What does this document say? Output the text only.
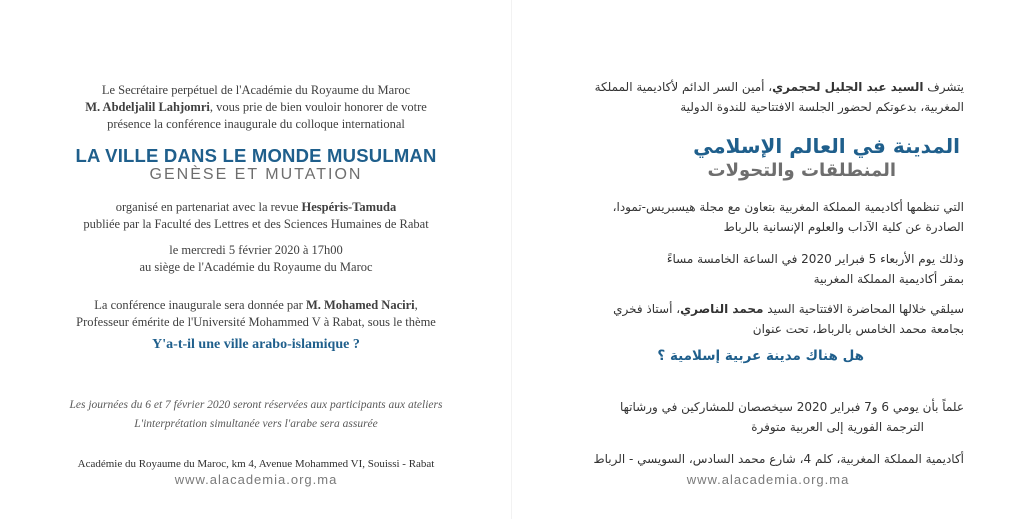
Le Secrétaire perpétuel de l'Académie du Royaume du Maroc
M. Abdeljalil Lahjomri, vous prie de bien vouloir honorer de votre
présence la conférence inaugurale du colloque international
LA VILLE DANS LE MONDE MUSULMAN
GENÈSE ET MUTATION
organisé en partenariat avec la revue Hespéris-Tamuda
publiée par la Faculté des Lettres et des Sciences Humaines de Rabat
le mercredi 5 février 2020 à 17h00
au siège de l'Académie du Royaume du Maroc
La conférence inaugurale sera donnée par M. Mohamed Naciri,
Professeur émérite de l'Université Mohammed V à Rabat, sous le thème
Y'a-t-il une ville arabo-islamique ?
Les journées du 6 et 7 février 2020 seront réservées aux participants aux ateliers
L'interprétation simultanée vers l'arabe sera assurée
Académie du Royaume du Maroc, km 4, Avenue Mohammed VI, Souissi - Rabat
www.alacademia.org.ma
يتشرف السيد عبد الجليل لحجمري، أمين السر الدائم لأكاديمية المملكة
المغربية، بدعوتكم لحضور الجلسة الافتتاحية للندوة الدولية
المدينة في العالم الإسلامي
المنطلقات والتحولات
التي تنظمها أكاديمية المملكة المغربية بتعاون مع مجلة هيسبريس-تمودا،
الصادرة عن كلية الآداب والعلوم الإنسانية بالرباط
وذلك يوم الأربعاء 5 فبراير 2020 في الساعة الخامسة مساءً
بمقر أكاديمية المملكة المغربية
سيلقي خلالها المحاضرة الافتتاحية السيد محمد الناصري، أستاذ فخري
بجامعة محمد الخامس بالرباط، تحت عنوان
هل هناك مدينة عربية إسلامية ؟
علماً بأن يومي 6 و7 فبراير 2020 سيخصصان للمشاركين في ورشاتها
الترجمة الفورية إلى العربية متوفرة
أكاديمية المملكة المغربية، كلم 4، شارع محمد السادس، السويسي - الرباط
www.alacademia.org.ma
